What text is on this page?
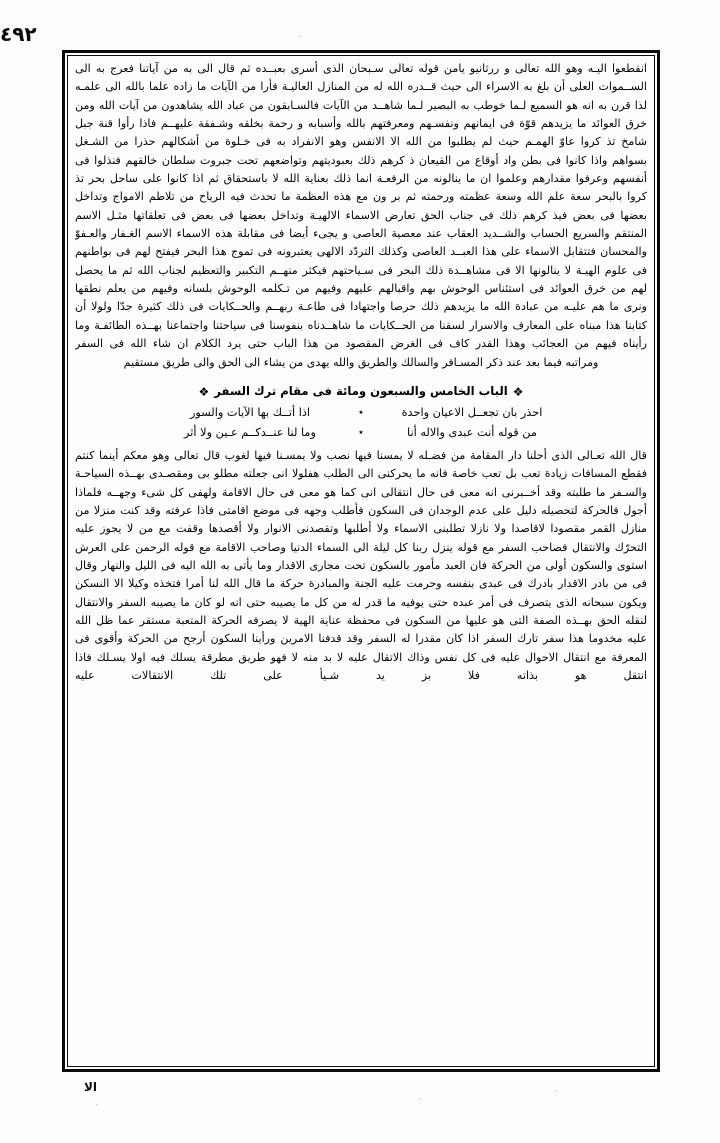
٢٩٤

انقطعوا اليـه وهو الله تعالى و ررثانيو يامن قوله تعالى سـبحان الذى أسرى بعبــده ثم قال الى به من آياتنا فعرج به الى الســموات العلى أن بلغ به الاسراء الى حيث قــدره الله له من المنازل العاليـة فأرا من الآيات ما زاده علما بالله الى علمـه لذا قرن به انه هو السميع لـما خوطب به البصير لـما شاهــد من الآيات فالسـابقون من عباد الله يشاهدون من آيات الله ومن خرق العوائد ما يزيدهم قوّة فى ايمانهم ونفسـهم ومعرفتهم بالله وأسبابه و رحمة بخلقه وشـفقة عليهــم فاذا رأوا قنة جبل شامخ تذ كروا عاوّ الهمـم حيث لم يطلبوا من الله الا الانفس وهو الانفراد به فى خـلوة من أشكالهم حذرا من الشـغل بسواهم واذا كانوا فى بطن واد أوقاع من القيعان ذ كرهم ذلك بعبوديتهم وتواضعهم تحت جبروت سلطان خالقهم فنذلوا فى أنفسهم وعرفوا مقدارهم وعلموا ان ما ينالونه من الرفعـة انما ذلك بعناية الله لا باستحقاق ثم اذا كانوا على ساحل بحر تذ كروا بالبحر سعة علم الله وسعة عظمته ورحمته ثم بر ون مع هذه العظمة ما تحدث فيه الرياح من تلاطم الامواج وتداخل بعضها فى بعض فيذ كرهم ذلك فى جناب الحق تعارض الاسماء الالهيـة وتداخل بعضها فى بعض فى تعلقاتها مثـل الاسم المنتقم والسريع الحساب والشــديد العقاب عند معصية العاصى و يجىء أيضا فى مقابلة هذه الاسماء الاسم الغـفار والعـفوّ والمحسان فتتقابل الاسماء على هذا العبــد العاصى وكذلك التردّد الالهى يعتبرونه فى تموج هذا البحر فيفتح لهم فى بواطنهم فى علوم الهيـة لا ينالونها الا فى مشاهــدة ذلك البحر فى سـياحتهم فيكثر منهــم التكبير والتعظيم لجناب الله ثم ما يحصل لهم من خرق العوائد فى استئناس الوحوش بهم واقبالهم عليهم وفيهم من تـكلمه الوحوش بلسانه وفيهم من يعلم نطقها ونرى ما هم عليـه من عبادة الله ما يزيدهم ذلك حرصا واجتهادا فى طاعـة ربهــم والحــكايات فى ذلك كثيرة جدّا ولولا أن كتابنا هذا مبناه على المعارف والاسرار لسقنا من الحــكايات ما شاهــدناه بنفوسنا فى سياحتنا واجتماعنا بهــذه الطائفـة وما رأيناه فيهم من العجائب وهذا القدر كاف فى الغرض المقصود من هذا الباب حتى يرد الكلام ان شاء الله فى السفر

ومراتبه فيما بعد عند ذكر المسـافر والسالك والطريق والله يهدى من يشاء الى الحق والى طريق مستقيم
❖الباب الخامس والسبعون ومائة فى مقام ترك السفر❖
احذر بان تجعــل الاعيان واحدة
٭
اذا أتــك بها الآيات والسور
من قوله أنت عبدى والاله أنا
٭
وما لنا عنــدكــم عـين ولا أثر

قال الله تعـالى الذى أحلنا دار المقامة من فضـله لا يمسنا فيها نصب ولا يمسـنا فيها لغوب قال تعالى وهو معكم أينما كنتم فقطع المسافات زيادة تعب بل تعب خاصة فانه ما يحركنى الى الطلب هفلولا انى جعلته مطلو بى ومقصـدى بهــذه السياحـة والسـفر ما طلبته وقد أخــبرنى انه معى فى حال انتقالى انى كما هو معى فى حال الاقامة ولهفى كل شىء وجهــه فلماذا أجول فالحركة لتحصيله دليل على عدم الوجدان فى السكون فأطلب وجهه فى موضع اقامتى فاذا عرفته وقد كنت منزلا من منازل القمر مقصودا لاقاصدا ولا نازلا تطلبنى الاسماء ولا أطلبها وتقصدنى الانوار ولا أقصدها وقفت مع من لا يجوز عليه التحرّك والانتقال فصاحب السفر مع قوله ينزل ربنا كل ليلة الى السماء الدنيا وصاحب الاقامة مع قوله الرحمن على العرش استوى والسكون أولى من الحركة فان العبد مأمور بالسكون تحت مجارى الاقدار وما يأتى به الله اليه فى الليل والنهار وقال فى من بادر الاقدار بادرك فى عبدى بنفسه وحرمت عليه الجنة والمبادرة حركة ما قال الله لنا أمرا فتخذه وكيلا الا النسكن ويكون سبحانه الذى يتصرف فى أمر عبده حتى يوفيه ما قدر له من كل ما يصيبه حتى انه لو كان ما يصيبه السفر والانتقال لنقله الحق بهــذه الصفة التى هو عليها من السكون فى محفظة عناية الهية لا يصرفه الحركة المتعبة مستقر عما ظل الله عليه مخدوما هذا سفر تارك السفر اذا كان مقدرا له السفر وقد قدفنا الامرين ورأينا السكون أرجح من الحركة وأقوى فى المعرفة مع انتقال الاحوال عليه فى كل نفس وذاك الاتقال عليه لا بد منه لا فهو طريق مطرقة يسلك فيه اولا يسـلك فاذا انتقل هو بذاته فلا بز يد شـيأ على تلك الانتقالات عليه

الا
